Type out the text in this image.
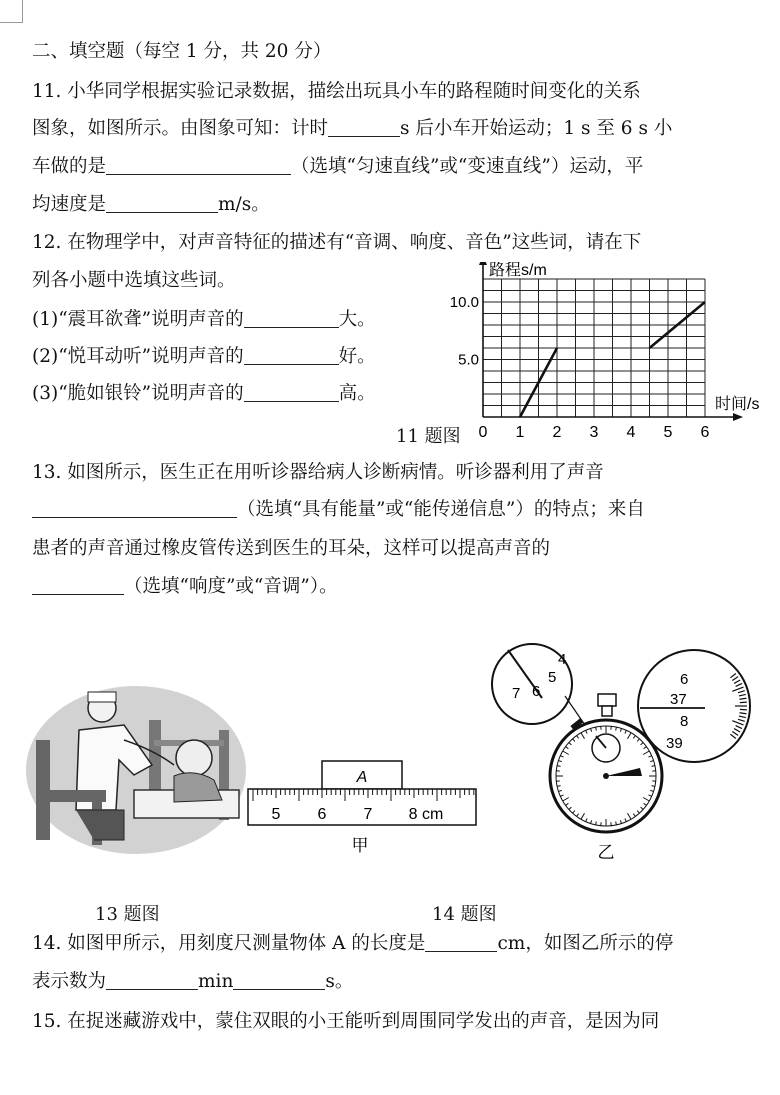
二、填空题（每空 1 分，共 20 分）
11. 小华同学根据实验记录数据，描绘出玩具小车的路程随时间变化的关系
图象，如图所示。由图象可知：计时	s 后小车开始运动；1 s 至 6 s 小
车做的是	（选填“匀速直线”或“变速直线”）运动，平
均速度是	m/s。
12. 在物理学中，对声音特征的描述有“音调、响度、音色”这些词，请在下
列各小题中选填这些词。
(1)“震耳欲聋”说明声音的	大。
(2)“悦耳动听”说明声音的	好。
(3)“脆如银铃”说明声音的	高。
0 1 2 3 4 5 6
5.0
10.0
时间/s
路程s/m
11 题图
13. 如图所示，医生正在用听诊器给病人诊断病情。听诊器利用了声音
（选填“具有能量”或“能传递信息”）的特点；来自
患者的声音通过橡皮管传送到医生的耳朵，这样可以提高声音的
（选填“响度”或“音调”）。
13 题图
A
5 6 7 8 cm
甲
4
5
6
7
6
37
8
39
乙
14 题图
14. 如图甲所示，用刻度尺测量物体 A 的长度是	cm，如图乙所示的停
表示数为	min	s。
15. 在捉迷藏游戏中，蒙住双眼的小王能听到周围同学发出的声音，是因为同
